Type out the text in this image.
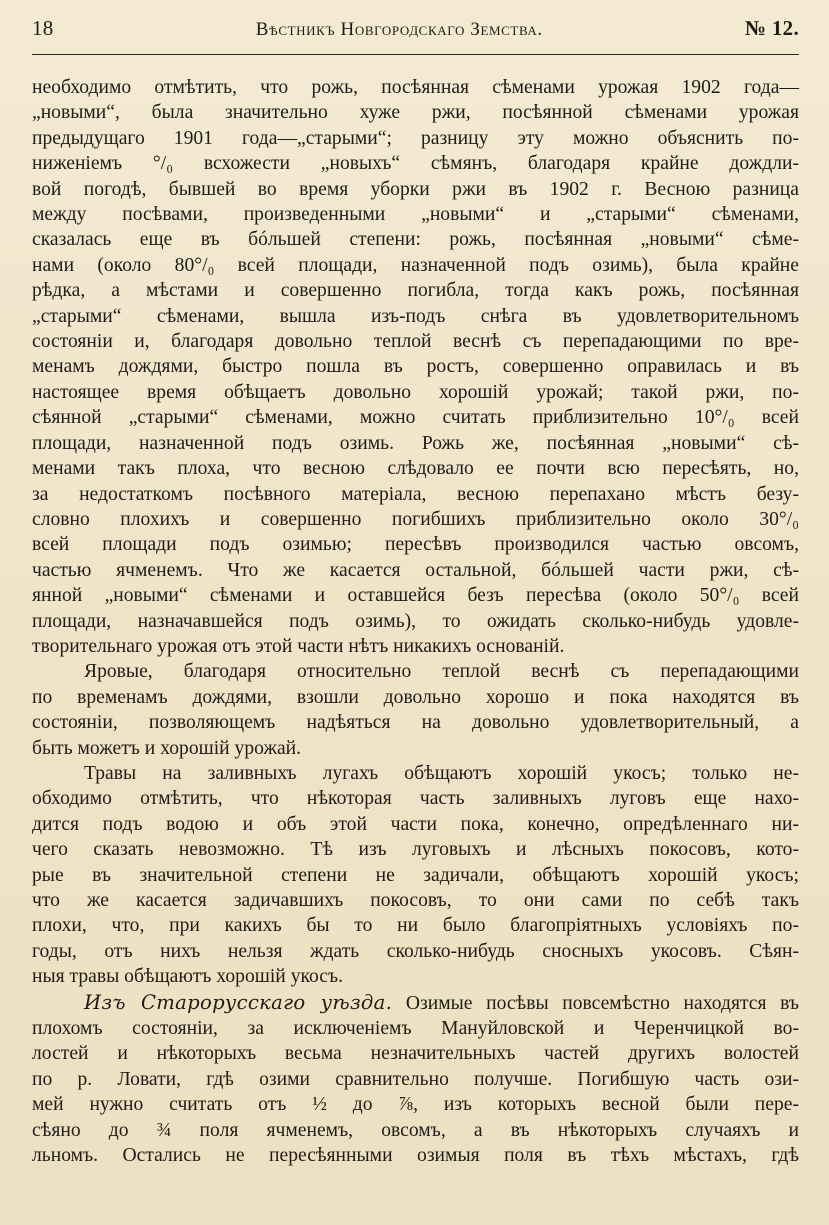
18	Вѣстникъ Новгородскаго Земства.	№ 12.
необходимо отмѣтить, что рожь, посѣянная сѣменами урожая 1902 года—
„новыми“, была значительно хуже ржи, посѣянной сѣменами урожая
предыдущаго 1901 года—„старыми“; разницу эту можно объяснить по-
ниженіемъ °/₀ всхожести „новыхъ“ сѣмянъ, благодаря крайне дождли-
вой погодѣ, бывшей во время уборки ржи въ 1902 г. Весною разница
между посѣвами, произведенными „новыми“ и „старыми“ сѣменами,
сказалась еще въ бóльшей степени: рожь, посѣянная „новыми“ сѣме-
нами (около 80°/₀ всей площади, назначенной подъ озимь), была крайне
рѣдка, а мѣстами и совершенно погибла, тогда какъ рожь, посѣянная
„старыми“ сѣменами, вышла изъ-подъ снѣга въ удовлетворительномъ
состояніи и, благодаря довольно теплой веснѣ съ перепадающими по вре-
менамъ дождями, быстро пошла въ ростъ, совершенно оправилась и въ
настоящее время обѣщаетъ довольно хорошій урожай; такой ржи, по-
сѣянной „старыми“ сѣменами, можно считать приблизительно 10°/₀ всей
площади, назначенной подъ озимь. Рожь же, посѣянная „новыми“ сѣ-
менами такъ плоха, что весною слѣдовало ее почти всю пересѣять, но,
за недостаткомъ посѣвного матеріала, весною перепахано мѣстъ безу-
словно плохихъ и совершенно погибшихъ приблизительно около 30°/₀
всей площади подъ озимью; пересѣвъ производился частью овсомъ,
частью ячменемъ. Что же касается остальной, бóльшей части ржи, сѣ-
янной „новыми“ сѣменами и оставшейся безъ пересѣва (около 50°/₀ всей
площади, назначавшейся подъ озимь), то ожидать сколько-нибудь удовле-
творительнаго урожая отъ этой части нѣтъ никакихъ основаній.
Яровые, благодаря относительно теплой веснѣ съ перепадающими
по временамъ дождями, взошли довольно хорошо и пока находятся въ
состояніи, позволяющемъ надѣяться на довольно удовлетворительный, а
быть можетъ и хорошій урожай.
Травы на заливныхъ лугахъ обѣщаютъ хорошій укосъ; только не-
обходимо отмѣтить, что нѣкоторая часть заливныхъ луговъ еще нахо-
дится подъ водою и объ этой части пока, конечно, опредѣленнаго ни-
чего сказать невозможно. Тѣ изъ луговыхъ и лѣсныхъ покосовъ, кото-
рые въ значительной степени не задичали, обѣщаютъ хорошій укосъ;
что же касается задичавшихъ покосовъ, то они сами по себѣ такъ
плохи, что, при какихъ бы то ни было благопріятныхъ условіяхъ по-
годы, отъ нихъ нельзя ждать сколько-нибудь сносныхъ укосовъ. Сѣян-
ныя травы обѣщаютъ хорошій укосъ.
Изъ Старорусскаго уѣзда. Озимые посѣвы повсемѣстно находятся въ
плохомъ состояніи, за исключеніемъ Мануйловской и Черенчицкой во-
лостей и нѣкоторыхъ весьма незначительныхъ частей другихъ волостей
по р. Ловати, гдѣ озими сравнительно получше. Погибшую часть ози-
мей нужно считать отъ ½ до ⅞, изъ которыхъ весной были пере-
сѣяно до ¾ поля ячменемъ, овсомъ, а въ нѣкоторыхъ случаяхъ и
льномъ. Остались не пересѣянными озимыя поля въ тѣхъ мѣстахъ, гдѣ
